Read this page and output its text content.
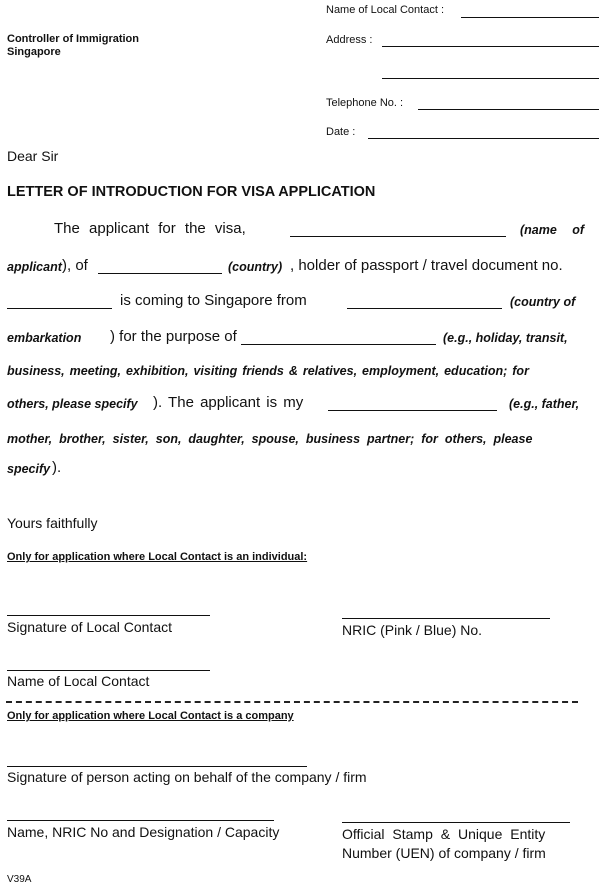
Name of Local Contact :
Address :
Telephone No. :
Date :
Controller of Immigration
Singapore
Dear Sir
LETTER OF INTRODUCTION FOR VISA APPLICATION
The applicant for the visa,	(name of
applicant ), of	(country) , holder of passport / travel document no.
is coming to Singapore from	(country of
embarkation ) for the purpose of	(e.g., holiday, transit,
business, meeting, exhibition, visiting friends & relatives, employment, education; for
others, please specify ). The applicant is my	(e.g., father,
mother, brother, sister, son, daughter, spouse, business partner; for others, please
specify ).
Yours faithfully
Only for application where Local Contact is an individual:
Signature of Local Contact	NRIC (Pink / Blue) No.
Name of Local Contact
Only for application where Local Contact is a company
Signature of person acting on behalf of the company / firm
Name, NRIC No and Designation / Capacity	Official Stamp & Unique Entity
Number (UEN) of company / firm
V39A
